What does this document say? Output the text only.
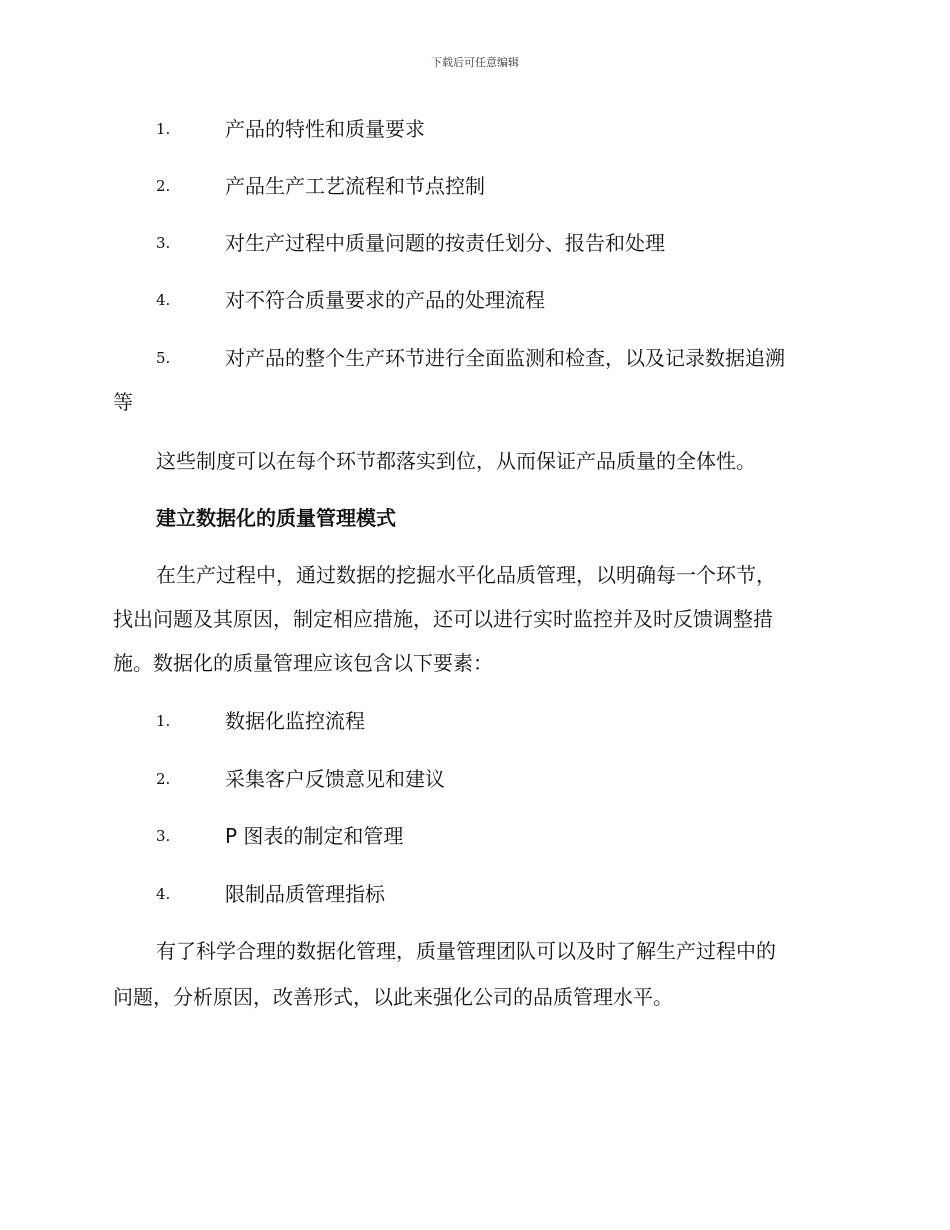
下载后可任意编辑
1.	产品的特性和质量要求
2.	产品生产工艺流程和节点控制
3.	对生产过程中质量问题的按责任划分、报告和处理
4.	对不符合质量要求的产品的处理流程
5.	对产品的整个生产环节进行全面监测和检查，以及记录数据追溯
等
这些制度可以在每个环节都落实到位，从而保证产品质量的全体性。
建立数据化的质量管理模式
在生产过程中，通过数据的挖掘水平化品质管理，以明确每一个环节，
找出问题及其原因，制定相应措施，还可以进行实时监控并及时反馈调整措
施。数据化的质量管理应该包含以下要素：
1.	数据化监控流程
2.	采集客户反馈意见和建议
3.	P 图表的制定和管理
4.	限制品质管理指标
有了科学合理的数据化管理，质量管理团队可以及时了解生产过程中的
问题，分析原因，改善形式，以此来强化公司的品质管理水平。
